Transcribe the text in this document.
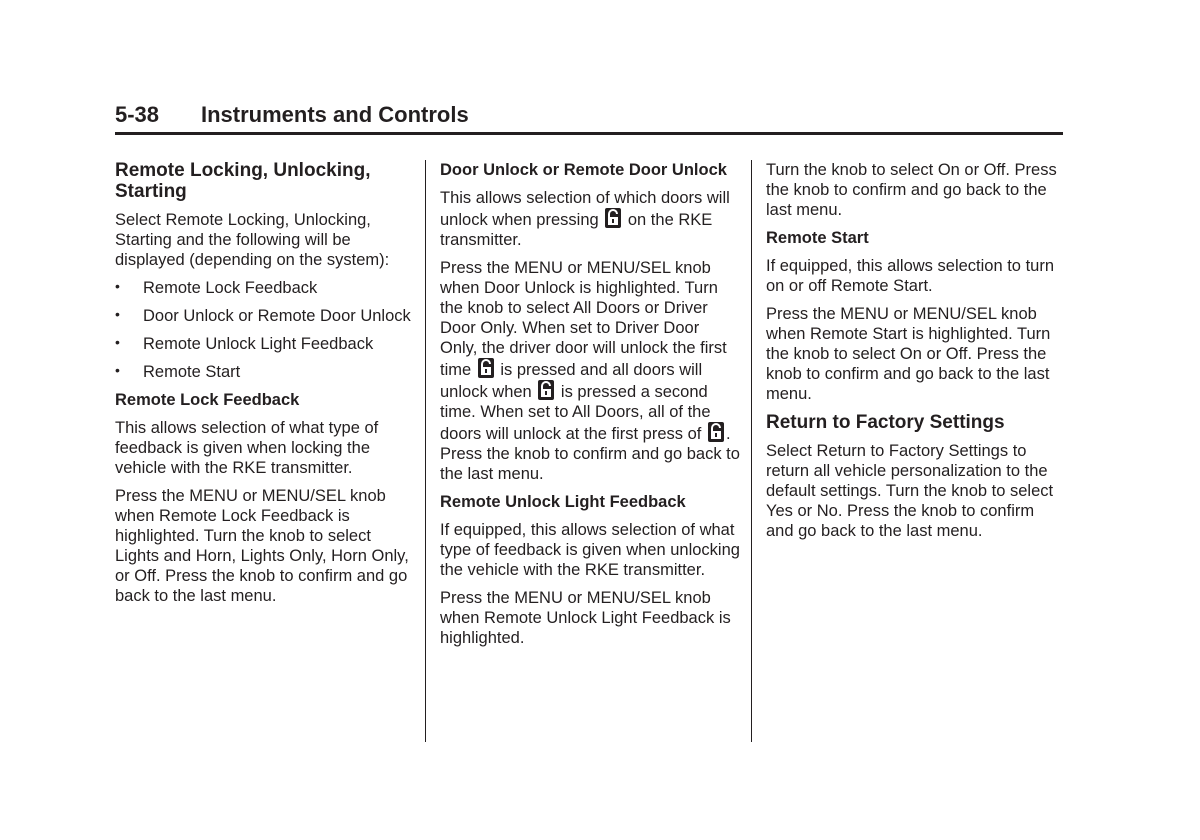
5-38 Instruments and Controls
Remote Locking, Unlocking, Starting

Select Remote Locking, Unlocking, Starting and the following will be displayed (depending on the system):

• Remote Lock Feedback
• Door Unlock or Remote Door Unlock
• Remote Unlock Light Feedback
• Remote Start
Remote Lock Feedback

This allows selection of what type of feedback is given when locking the vehicle with the RKE transmitter.

Press the MENU or MENU/SEL knob when Remote Lock Feedback is highlighted. Turn the knob to select Lights and Horn, Lights Only, Horn Only, or Off. Press the knob to confirm and go back to the last menu.

Door Unlock or Remote Door Unlock

This allows selection of which doors will unlock when pressing on the RKE transmitter.

Press the MENU or MENU/SEL knob when Door Unlock is highlighted. Turn the knob to select All Doors or Driver Door Only. When set to Driver Door Only, the driver door will unlock the first time is pressed and all doors will unlock when is pressed a second time. When set to All Doors, all of the doors will unlock at the first press of . Press the knob to confirm and go back to the last menu.

Remote Unlock Light Feedback

If equipped, this allows selection of what type of feedback is given when unlocking the vehicle with the RKE transmitter.

Press the MENU or MENU/SEL knob when Remote Unlock Light Feedback is highlighted.

Turn the knob to select On or Off. Press the knob to confirm and go back to the last menu.

Remote Start

If equipped, this allows selection to turn on or off Remote Start.

Press the MENU or MENU/SEL knob when Remote Start is highlighted. Turn the knob to select On or Off. Press the knob to confirm and go back to the last menu.

Return to Factory Settings

Select Return to Factory Settings to return all vehicle personalization to the default settings. Turn the knob to select Yes or No. Press the knob to confirm and go back to the last menu.
